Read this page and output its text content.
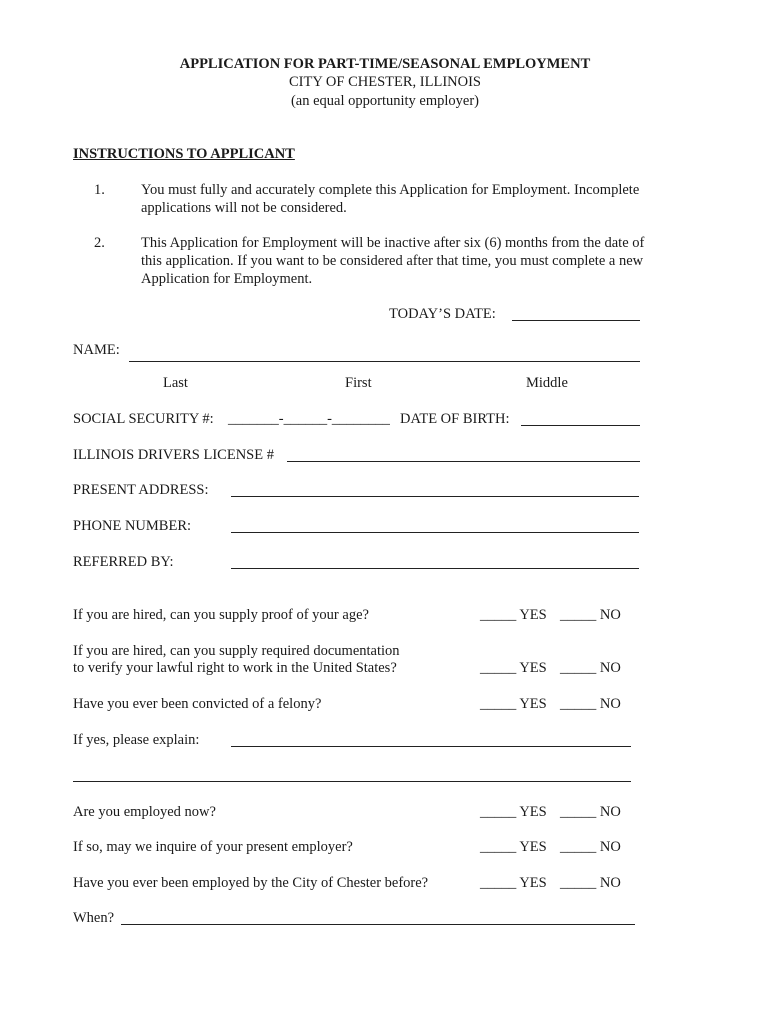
APPLICATION FOR PART-TIME/SEASONAL EMPLOYMENT
CITY OF CHESTER, ILLINOIS
(an equal opportunity employer)
INSTRUCTIONS TO APPLICANT
1. You must fully and accurately complete this Application for Employment. Incomplete
applications will not be considered.
2. This Application for Employment will be inactive after six (6) months from the date of
this application. If you want to be considered after that time, you must complete a new
Application for Employment.
TODAY’S DATE:
NAME:
Last	First	Middle
SOCIAL SECURITY #: _______-______-________ DATE OF BIRTH:
ILLINOIS DRIVERS LICENSE #
PRESENT ADDRESS:
PHONE NUMBER:
REFERRED BY:
If you are hired, can you supply proof of your age?	_____ YES _____ NO
If you are hired, can you supply required documentation
to verify your lawful right to work in the United States?	_____ YES _____ NO
Have you ever been convicted of a felony?	_____ YES _____ NO
If yes, please explain:
Are you employed now?	_____ YES _____ NO
If so, may we inquire of your present employer?	_____ YES _____ NO
Have you ever been employed by the City of Chester before?	_____ YES _____ NO
When?
